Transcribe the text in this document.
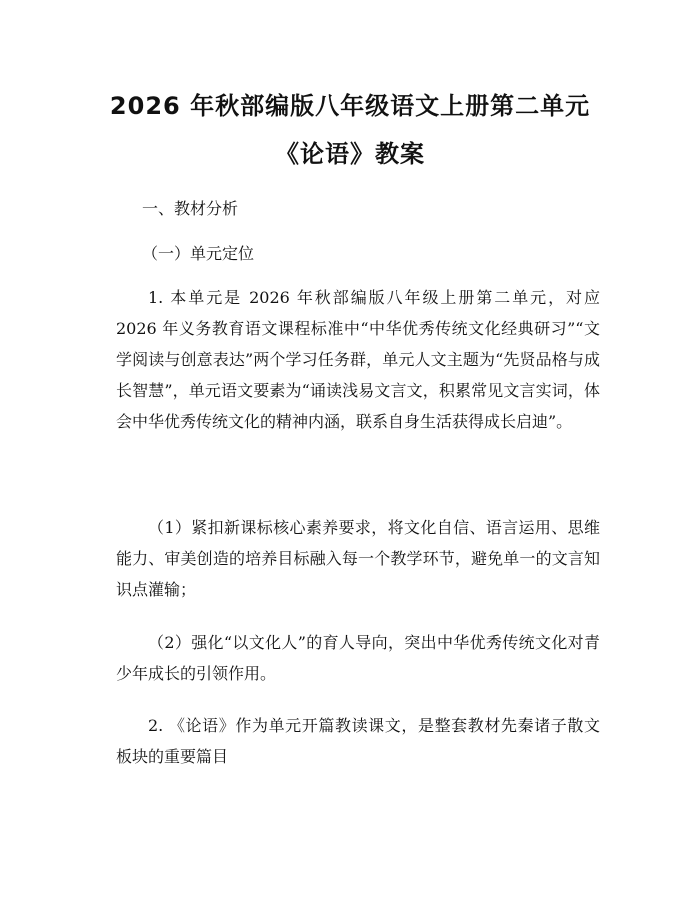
2026 年秋部编版八年级语文上册第二单元
《论语》教案
一、教材分析
（一）单元定位

1. 本单元是 2026 年秋部编版八年级上册第二单元，对应 2026 年义务教育语文课程标准中“中华优秀传统文化经典研习”“文学阅读与创意表达”两个学习任务群，单元人文主题为“先贤品格与成长智慧”，单元语文要素为“诵读浅易文言文，积累常见文言实词，体会中华优秀传统文化的精神内涵，联系自身生活获得成长启迪”。

（1）紧扣新课标核心素养要求，将文化自信、语言运用、思维能力、审美创造的培养目标融入每一个教学环节，避免单一的文言知识点灌输；

（2）强化“以文化人”的育人导向，突出中华优秀传统文化对青少年成长的引领作用。

2. 《论语》作为单元开篇教读课文，是整套教材先秦诸子散文板块的重要篇目
